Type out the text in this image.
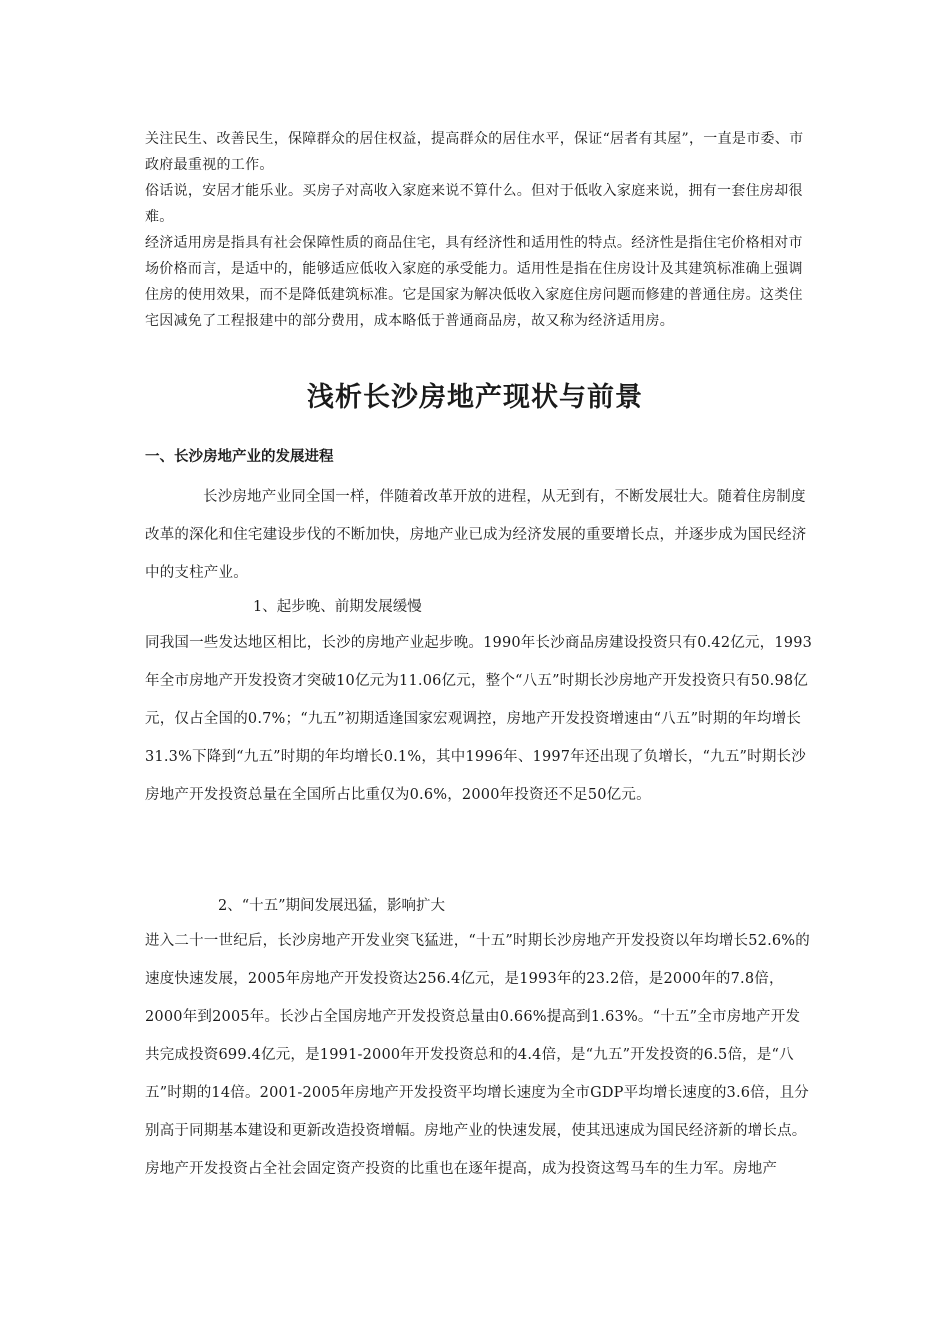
关注民生、改善民生，保障群众的居住权益，提高群众的居住水平，保证“居者有其屋”，一直是市委、市政府最重视的工作。

俗话说，安居才能乐业。买房子对高收入家庭来说不算什么。但对于低收入家庭来说，拥有一套住房却很难。

经济适用房是指具有社会保障性质的商品住宅，具有经济性和适用性的特点。经济性是指住宅价格相对市场价格而言，是适中的，能够适应低收入家庭的承受能力。适用性是指在住房设计及其建筑标准确上强调住房的使用效果，而不是降低建筑标准。它是国家为解决低收入家庭住房问题而修建的普通住房。这类住宅因减免了工程报建中的部分费用，成本略低于普通商品房，故又称为经济适用房。

浅析长沙房地产现状与前景
一、长沙房地产业的发展进程

长沙房地产业同全国一样，伴随着改革开放的进程，从无到有，不断发展壮大。随着住房制度改革的深化和住宅建设步伐的不断加快，房地产业已成为经济发展的重要增长点，并逐步成为国民经济中的支柱产业。

1、起步晚、前期发展缓慢

同我国一些发达地区相比，长沙的房地产业起步晚。1990年长沙商品房建设投资只有0.42亿元，1993年全市房地产开发投资才突破10亿元为11.06亿元，整个“八五”时期长沙房地产开发投资只有50.98亿元，仅占全国的0.7%；“九五”初期适逢国家宏观调控，房地产开发投资增速由“八五”时期的年均增长31.3%下降到“九五”时期的年均增长0.1%，其中1996年、1997年还出现了负增长，“九五”时期长沙房地产开发投资总量在全国所占比重仅为0.6%，2000年投资还不足50亿元。

2、“十五”期间发展迅猛，影响扩大

进入二十一世纪后，长沙房地产开发业突飞猛进，“十五”时期长沙房地产开发投资以年均增长52.6%的速度快速发展，2005年房地产开发投资达256.4亿元，是1993年的23.2倍，是2000年的7.8倍，2000年到2005年。长沙占全国房地产开发投资总量由0.66%提高到1.63%。“十五”全市房地产开发共完成投资699.4亿元，是1991-2000年开发投资总和的4.4倍，是“九五”开发投资的6.5倍，是“八五”时期的14倍。2001-2005年房地产开发投资平均增长速度为全市GDP平均增长速度的3.6倍，且分别高于同期基本建设和更新改造投资增幅。房地产业的快速发展，使其迅速成为国民经济新的增长点。房地产开发投资占全社会固定资产投资的比重也在逐年提高，成为投资这驾马车的生力军。房地产
